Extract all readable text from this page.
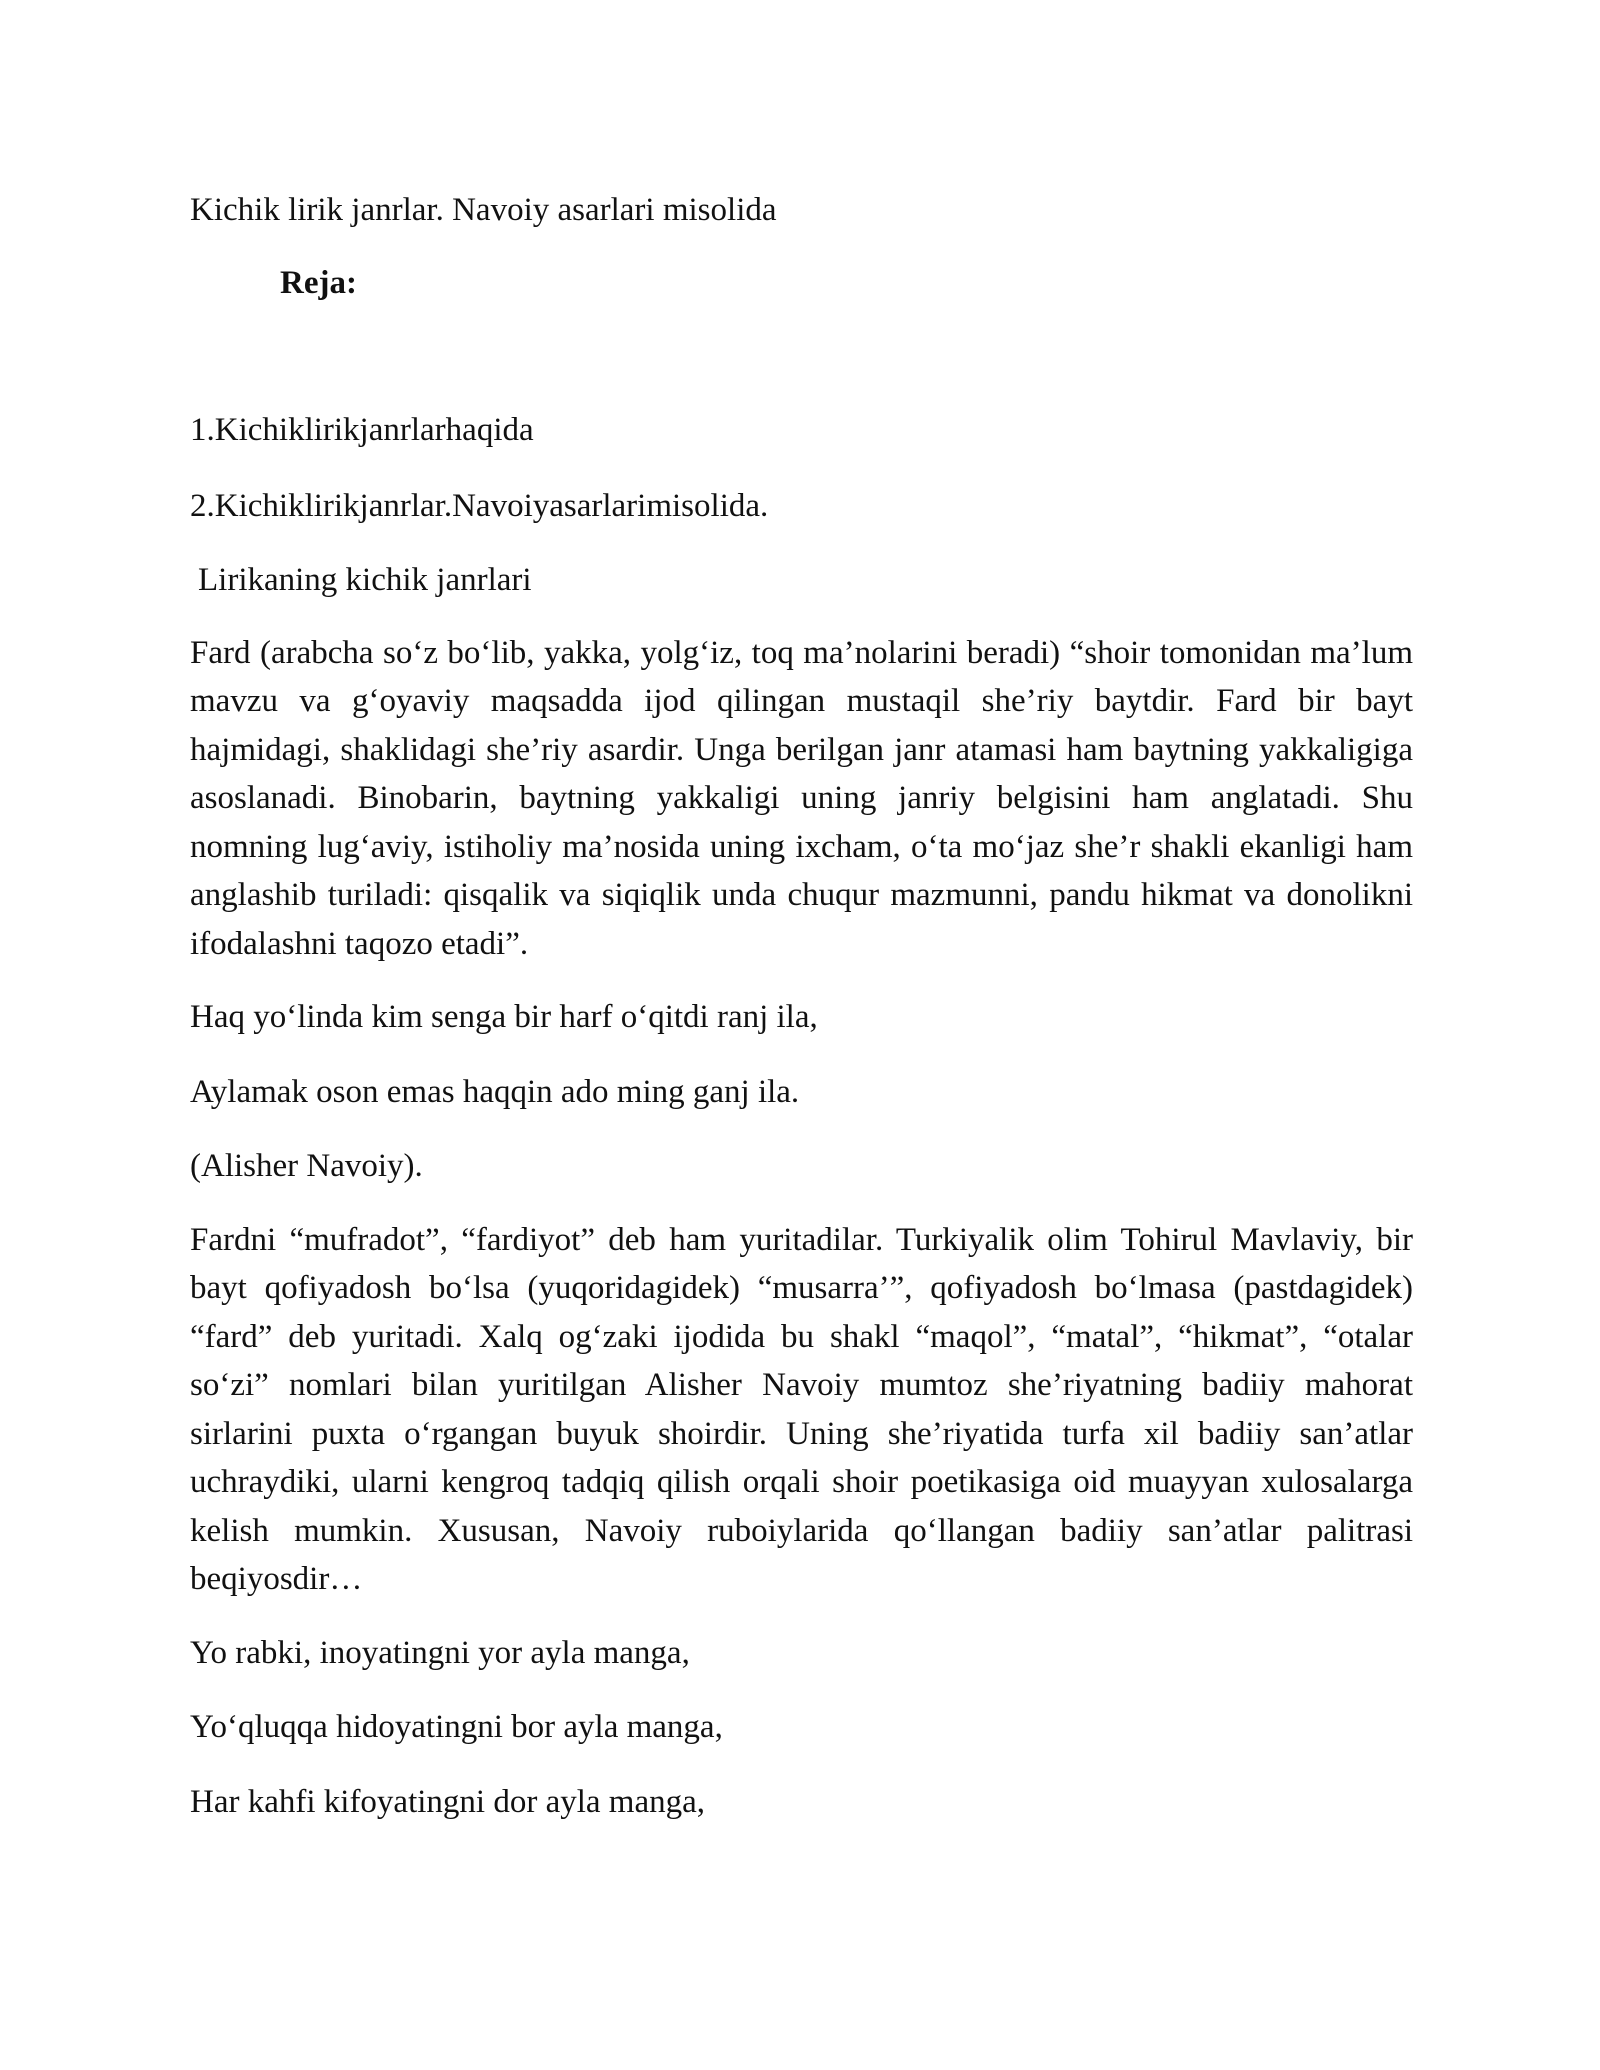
Kichik lirik janrlar. Navoiy asarlari misolida

Reja:

1.Kichiklirikjanrlarhaqida

2.Kichiklirikjanrlar.Navoiyasarlarimisolida.

Lirikaning kichik janrlari

Fard (arabcha so‘z bo‘lib, yakka, yolg‘iz, toq ma’nolarini beradi) “shoir tomonidan ma’lum mavzu va g‘oyaviy maqsadda ijod qilingan mustaqil she’riy baytdir. Fard bir bayt hajmidagi, shaklidagi she’riy asardir. Unga berilgan janr atamasi ham baytning yakkaligiga asoslanadi. Binobarin, baytning yakkaligi uning janriy belgisini ham anglatadi. Shu nomning lug‘aviy, istiholiy ma’nosida uning ixcham, o‘ta mo‘jaz she’r shakli ekanligi ham anglashib turiladi: qisqalik va siqiqlik unda chuqur mazmunni, pandu hikmat va donolikni ifodalashni taqozo etadi”.

Haq yo‘linda kim senga bir harf o‘qitdi ranj ila,

Aylamak oson emas haqqin ado ming ganj ila.

(Alisher Navoiy).

Fardni “mufradot”, “fardiyot” deb ham yuritadilar. Turkiyalik olim Tohirul Mavlaviy, bir bayt qofiyadosh bo‘lsa (yuqoridagidek) “musarra’”, qofiyadosh bo‘lmasa (pastdagidek) “fard” deb yuritadi. Xalq og‘zaki ijodida bu shakl “maqol”, “matal”, “hikmat”, “otalar so‘zi” nomlari bilan yuritilgan Alisher Navoiy mumtoz she’riyatning badiiy mahorat sirlarini puxta o‘rgangan buyuk shoirdir. Uning she’riyatida turfa xil badiiy san’atlar uchraydiki, ularni kengroq tadqiq qilish orqali shoir poetikasiga oid muayyan xulosalarga kelish mumkin. Xususan, Navoiy ruboiylarida qo‘llangan badiiy san’atlar palitrasi beqiyosdir…

Yo rabki, inoyatingni yor ayla manga,

Yo‘qluqqa hidoyatingni bor ayla manga,

Har kahfi kifoyatingni dor ayla manga,
